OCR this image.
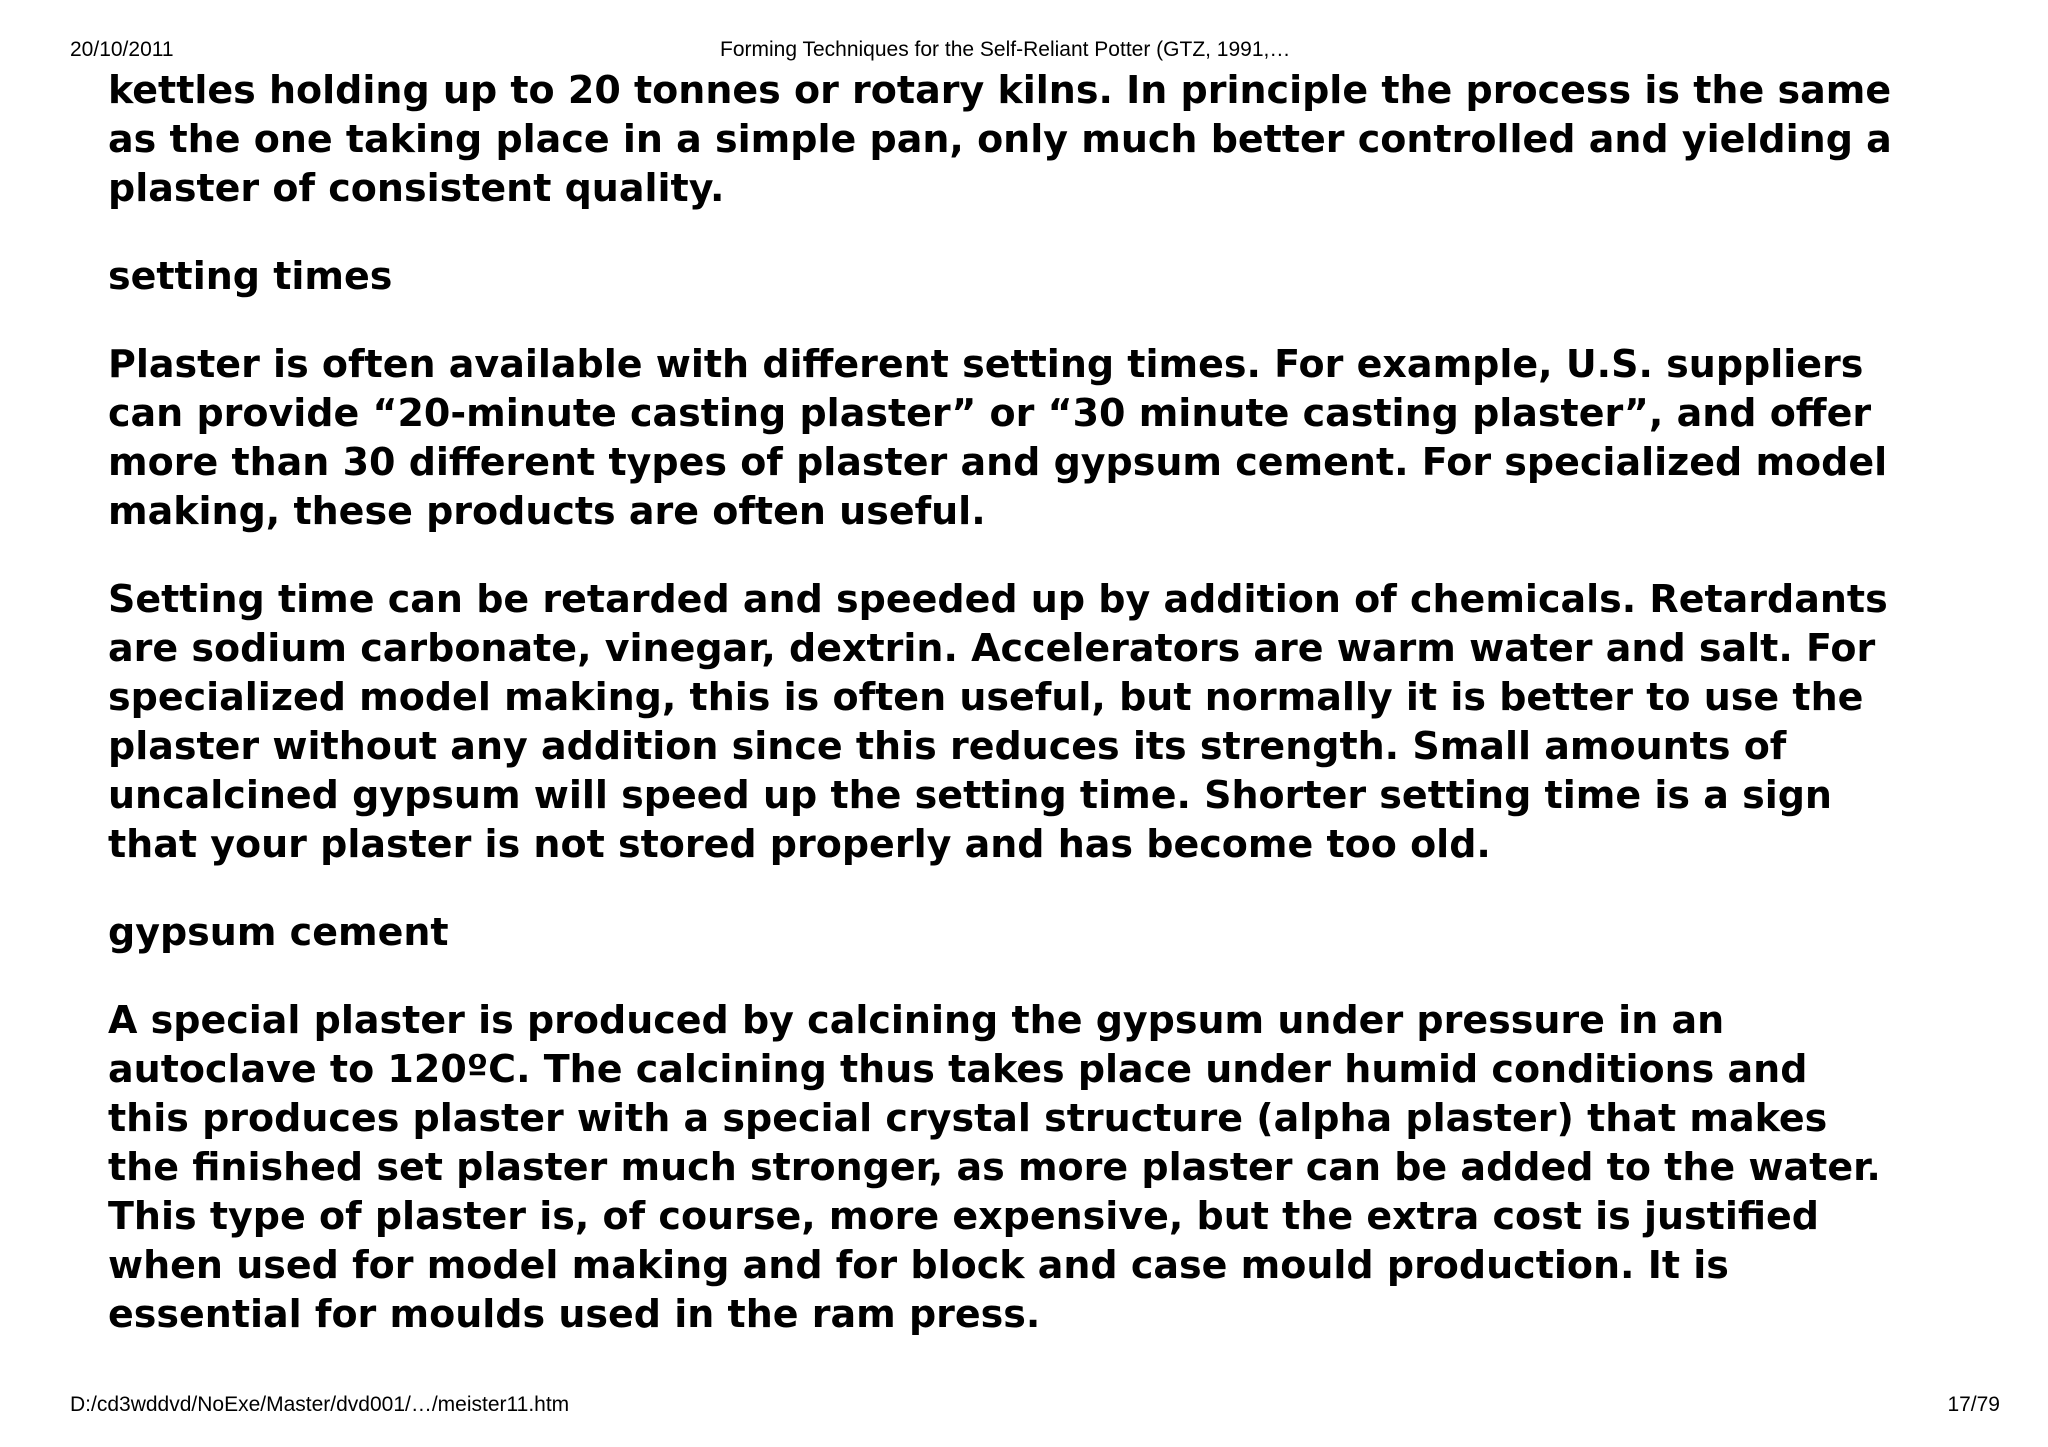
20/10/2011	Forming Techniques for the Self-Reliant Potter (GTZ, 1991,…

kettles holding up to 20 tonnes or rotary kilns. In principle the process is the same
as the one taking place in a simple pan, only much better controlled and yielding a
plaster of consistent quality.

setting times

Plaster is often available with different setting times. For example, U.S. suppliers
can provide “20-minute casting plaster” or “30 minute casting plaster”, and offer
more than 30 different types of plaster and gypsum cement. For specialized model
making, these products are often useful.

Setting time can be retarded and speeded up by addition of chemicals. Retardants
are sodium carbonate, vinegar, dextrin. Accelerators are warm water and salt. For
specialized model making, this is often useful, but normally it is better to use the
plaster without any addition since this reduces its strength. Small amounts of
uncalcined gypsum will speed up the setting time. Shorter setting time is a sign
that your plaster is not stored properly and has become too old.

gypsum cement

A special plaster is produced by calcining the gypsum under pressure in an
autoclave to 120ºC. The calcining thus takes place under humid conditions and
this produces plaster with a special crystal structure (alpha plaster) that makes
the finished set plaster much stronger, as more plaster can be added to the water.
This type of plaster is, of course, more expensive, but the extra cost is justified
when used for model making and for block and case mould production. It is
essential for moulds used in the ram press.

D:/cd3wddvd/NoExe/Master/dvd001/…/meister11.htm	17/79
